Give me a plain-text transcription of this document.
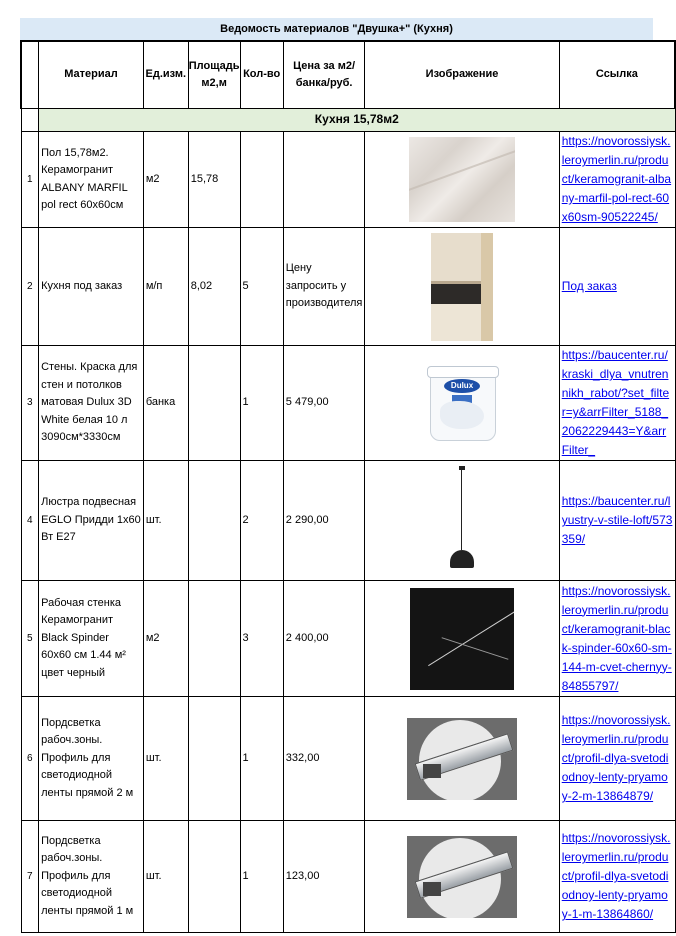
Ведомость материалов "Двушка+" (Кухня)
	Материал	Ед.изм.	Площадь м2,м	Кол-во	Цена за м2/банка/руб.	Изображение	Ссылка
	Кухня 15,78м2						
1	Пол 15,78м2. Керамогранит ALBANY MARFIL pol rect 60х60см	м2	15,78				https://novorossiysk.leroymerlin.ru/product/keramogranit-albany-marfil-pol-rect-60x60sm-90522245/
2	Кухня под заказ	м/п	8,02	5	Цену запросить у производителя		Под заказ
3	Стены. Краска для стен и потолков матовая Dulux 3D White белая 10 л 3090см*3330см	банка		1	5 479,00	Dulux	https://baucenter.ru/kraski_dlya_vnutrennikh_rabot/?set_filter=y&arrFilter_5188_2062229443=Y&arrFilter_
4	Люстра подвесная EGLO Придди 1х60 Вт Е27	шт.		2	2 290,00		https://baucenter.ru/lyustry-v-stile-loft/573359/
5	Рабочая стенка Керамогранит Black Spinder 60x60 см 1.44 м² цвет черный	м2		3	2 400,00		https://novorossiysk.leroymerlin.ru/product/keramogranit-black-spinder-60x60-sm-144-m-cvet-chernyy-84855797/
6	Пордсветка рабоч.зоны. Профиль для светодиодной ленты прямой 2 м	шт.		1	332,00		https://novorossiysk.leroymerlin.ru/product/profil-dlya-svetodiodnoy-lenty-pryamoy-2-m-13864879/
7	Пордсветка рабоч.зоны. Профиль для светодиодной ленты прямой 1 м	шт.		1	123,00		https://novorossiysk.leroymerlin.ru/product/profil-dlya-svetodiodnoy-lenty-pryamoy-1-m-13864860/
